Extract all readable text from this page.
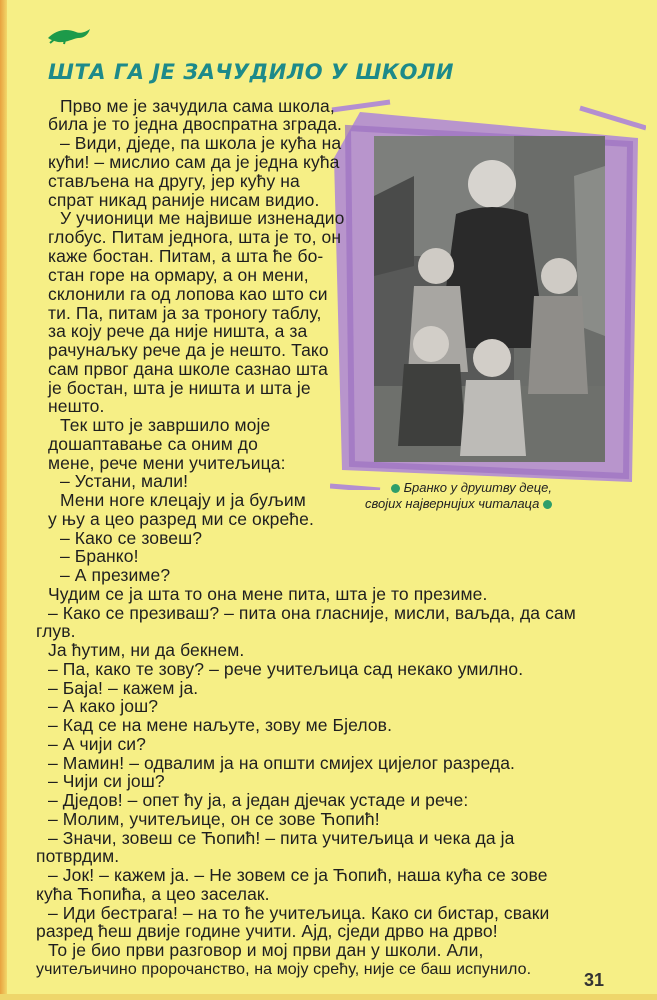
ШТА ГА ЈЕ ЗАЧУДИЛО У ШКОЛИ
Бранко у друштву деце,
својих највернијих читалаца
Прво ме је зачудила сама школа,
била је то једна двоспратна зграда.
– Види, дједе, па школа је кућа на
кући! – мислио сам да је једна кућа
стављена на другу, јер кућу на
спрат никад раније нисам видио.
У учионици ме највише изненадио
глобус. Питам једнога, шта је то, он
каже бостан. Питам, а шта ће бо-
стан горе на ормару, а он мени,
склонили га од лопова као што си
ти. Па, питам ја за троногу таблу,
за коју рече да није ништа, а за
рачунаљку рече да је нешто. Тако
сам првог дана школе сазнао шта
је бостан, шта је ништа и шта је
нешто.
Тек што је завршило моје
дошаптавање са оним до
мене, рече мени учитељица:
– Устани, мали!
Мени ноге клецају и ја буљим
у њу а цео разред ми се окреће.
– Како се зовеш?
– Бранко!
– А презиме?
Чудим се ја шта то она мене пита, шта је то презиме.
– Како се презиваш? – пита она гласније, мисли, ваљда, да сам
глув.
Ја ћутим, ни да бекнем.
– Па, како те зову? – рече учитељица сад некако умилно.
– Баја! – кажем ја.
– А како још?
– Кад се на мене наљуте, зову ме Бјелов.
– А чији си?
– Мамин! – одвалим ја на општи смијех цијелог разреда.
– Чији си још?
– Дједов! – опет ћу ја, а један дјечак устаде и рече:
– Молим, учитељице, он се зове Ћопић!
– Значи, зовеш се Ћопић! – пита учитељица и чека да ја
потврдим.
– Јок! – кажем ја. – Не зовем се ја Ћопић, наша кућа се зове
кућа Ћопића, а цео заселак.
– Иди бестрага! – на то ће учитељица. Како си бистар, сваки
разред ћеш двије године учити. Ајд, сједи дрво на дрво!
То је био први разговор и мој први дан у школи. Али,
учитељичино пророчанство, на моју срећу, није се баш испунило.
31
